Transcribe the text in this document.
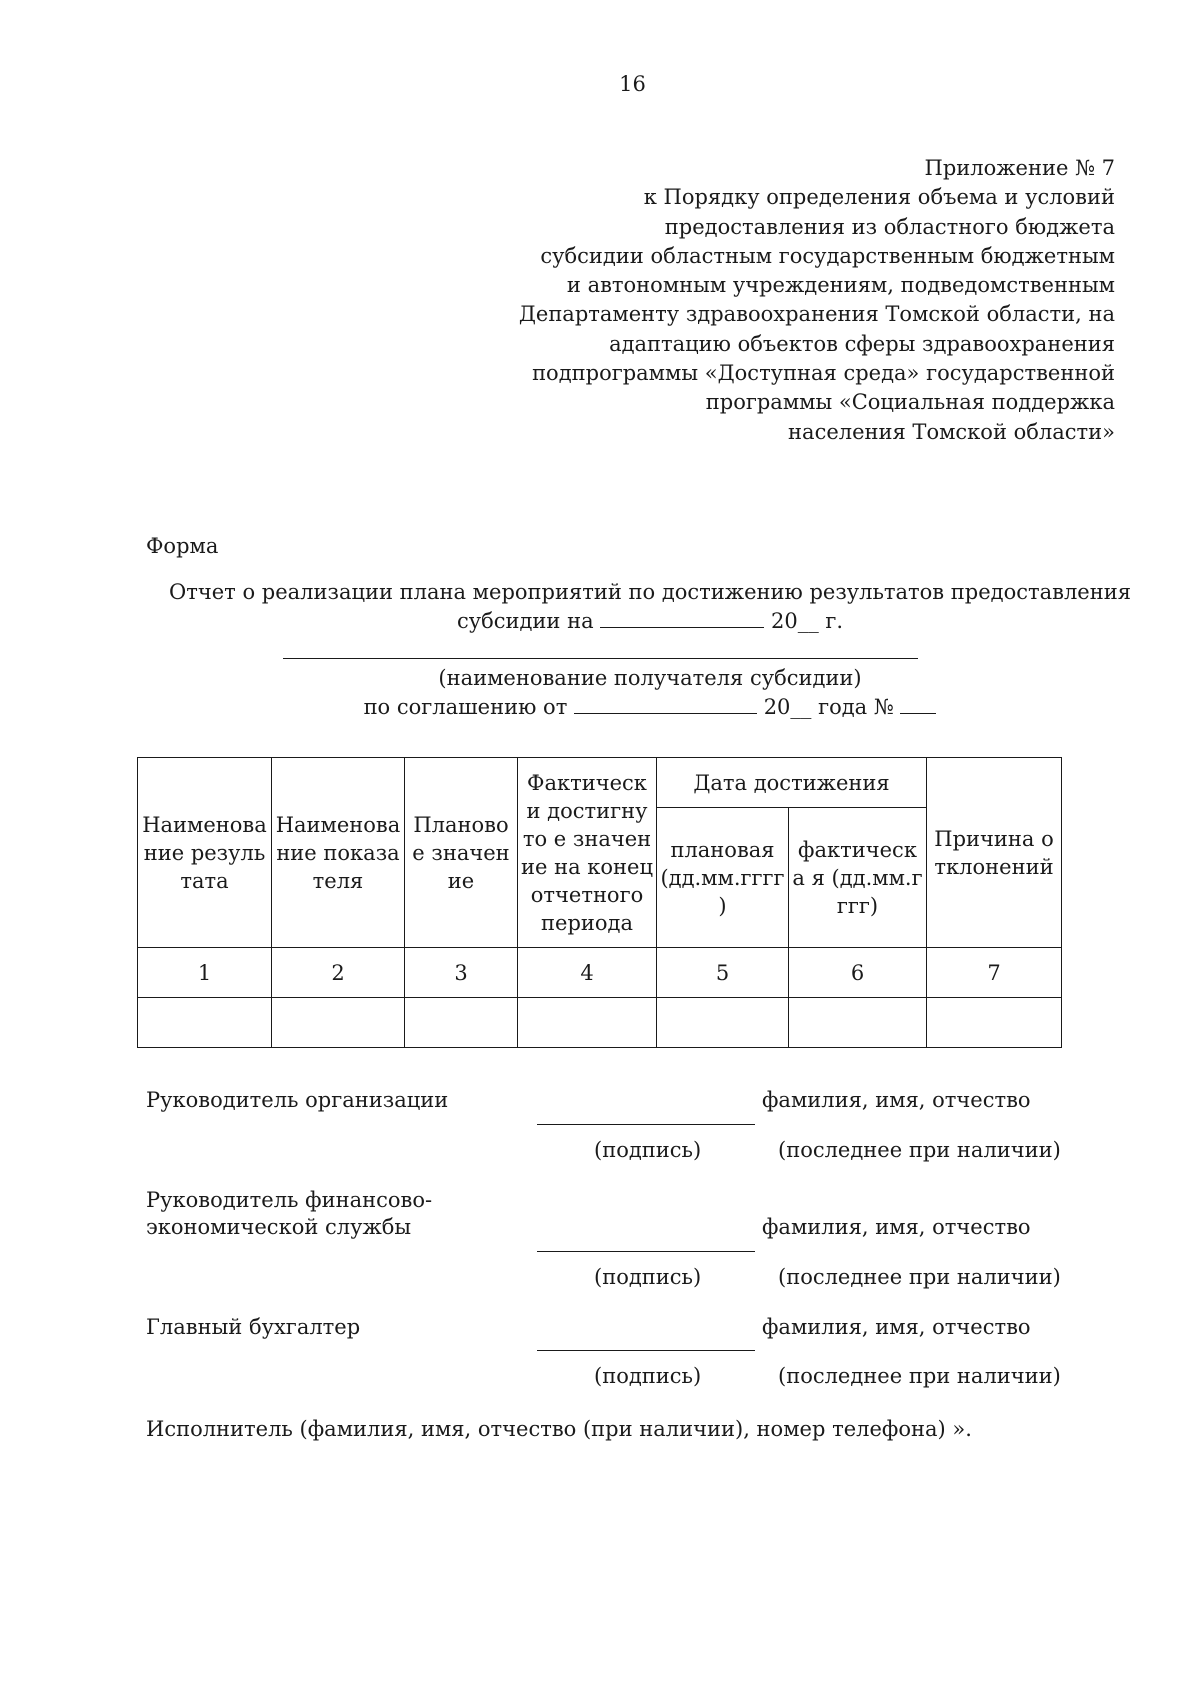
16
Приложение № 7
к Порядку определения объема и условий
предоставления из областного бюджета
субсидии областным государственным бюджетным
и автономным учреждениям, подведомственным
Департаменту здравоохранения Томской области, на
адаптацию объектов сферы здравоохранения
подпрограммы «Доступная среда» государственной
программы «Социальная поддержка
населения Томской области»
Форма
Отчет о реализации плана мероприятий по достижению результатов предоставления
субсидии на	20__ г.
(наименование получателя субсидии)
по соглашению от	20__ года №
Наименова ние результата	Наименова ние показателя	Плановое значение	Фактически достигнуто е значение на конец отчетного периода	Дата достижения		Причина отклонений
				плановая (дд.мм.гггг )	фактическа я (дд.мм.гггг)	
1	2	3	4	5	6	7

Руководитель организации	фамилия, имя, отчество
(подпись)	(последнее при наличии)
Руководитель финансово-
экономической службы	фамилия, имя, отчество
(подпись)	(последнее при наличии)
Главный бухгалтер	фамилия, имя, отчество
(подпись)	(последнее при наличии)
Исполнитель (фамилия, имя, отчество (при наличии), номер телефона) ».
